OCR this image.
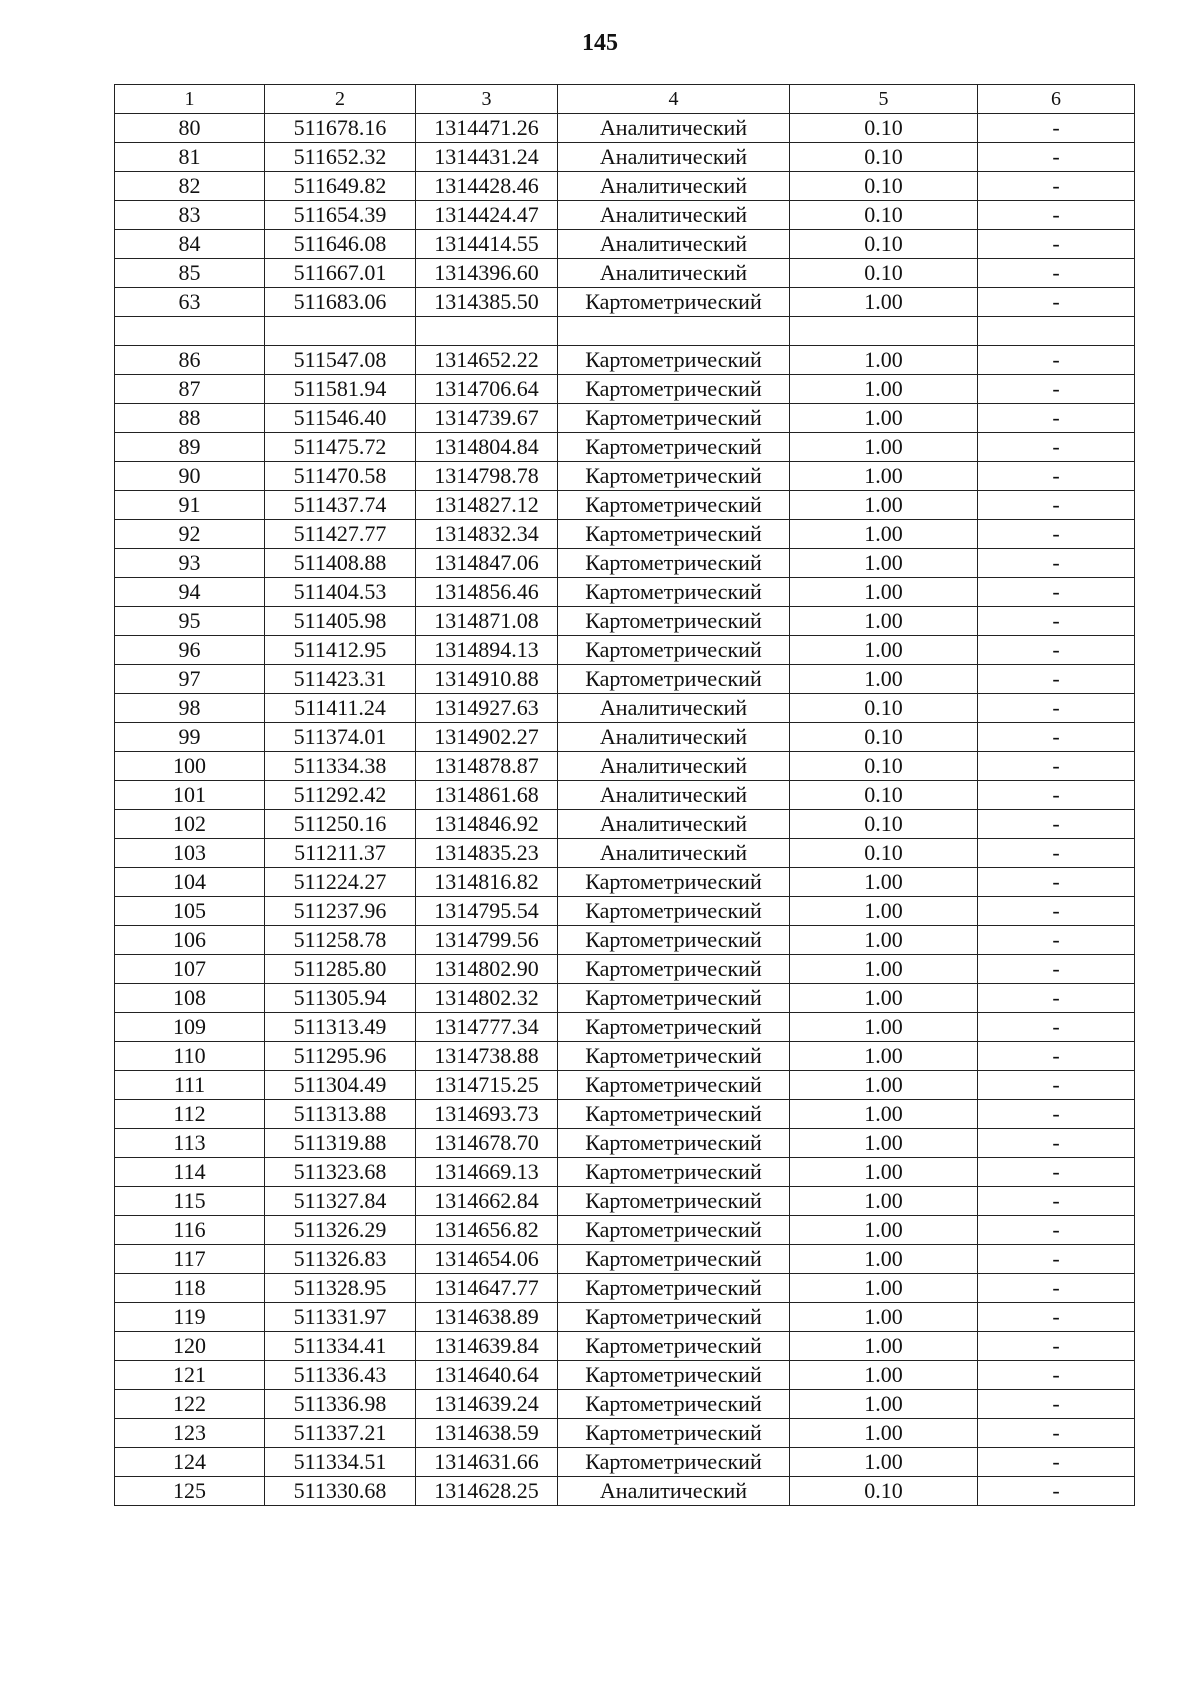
145
1	2	3	4	5	6
80	511678.16	1314471.26	Аналитический	0.10	-
81	511652.32	1314431.24	Аналитический	0.10	-
82	511649.82	1314428.46	Аналитический	0.10	-
83	511654.39	1314424.47	Аналитический	0.10	-
84	511646.08	1314414.55	Аналитический	0.10	-
85	511667.01	1314396.60	Аналитический	0.10	-
63	511683.06	1314385.50	Картометрический	1.00	-

86	511547.08	1314652.22	Картометрический	1.00	-
87	511581.94	1314706.64	Картометрический	1.00	-
88	511546.40	1314739.67	Картометрический	1.00	-
89	511475.72	1314804.84	Картометрический	1.00	-
90	511470.58	1314798.78	Картометрический	1.00	-
91	511437.74	1314827.12	Картометрический	1.00	-
92	511427.77	1314832.34	Картометрический	1.00	-
93	511408.88	1314847.06	Картометрический	1.00	-
94	511404.53	1314856.46	Картометрический	1.00	-
95	511405.98	1314871.08	Картометрический	1.00	-
96	511412.95	1314894.13	Картометрический	1.00	-
97	511423.31	1314910.88	Картометрический	1.00	-
98	511411.24	1314927.63	Аналитический	0.10	-
99	511374.01	1314902.27	Аналитический	0.10	-
100	511334.38	1314878.87	Аналитический	0.10	-
101	511292.42	1314861.68	Аналитический	0.10	-
102	511250.16	1314846.92	Аналитический	0.10	-
103	511211.37	1314835.23	Аналитический	0.10	-
104	511224.27	1314816.82	Картометрический	1.00	-
105	511237.96	1314795.54	Картометрический	1.00	-
106	511258.78	1314799.56	Картометрический	1.00	-
107	511285.80	1314802.90	Картометрический	1.00	-
108	511305.94	1314802.32	Картометрический	1.00	-
109	511313.49	1314777.34	Картометрический	1.00	-
110	511295.96	1314738.88	Картометрический	1.00	-
111	511304.49	1314715.25	Картометрический	1.00	-
112	511313.88	1314693.73	Картометрический	1.00	-
113	511319.88	1314678.70	Картометрический	1.00	-
114	511323.68	1314669.13	Картометрический	1.00	-
115	511327.84	1314662.84	Картометрический	1.00	-
116	511326.29	1314656.82	Картометрический	1.00	-
117	511326.83	1314654.06	Картометрический	1.00	-
118	511328.95	1314647.77	Картометрический	1.00	-
119	511331.97	1314638.89	Картометрический	1.00	-
120	511334.41	1314639.84	Картометрический	1.00	-
121	511336.43	1314640.64	Картометрический	1.00	-
122	511336.98	1314639.24	Картометрический	1.00	-
123	511337.21	1314638.59	Картометрический	1.00	-
124	511334.51	1314631.66	Картометрический	1.00	-
125	511330.68	1314628.25	Аналитический	0.10	-
